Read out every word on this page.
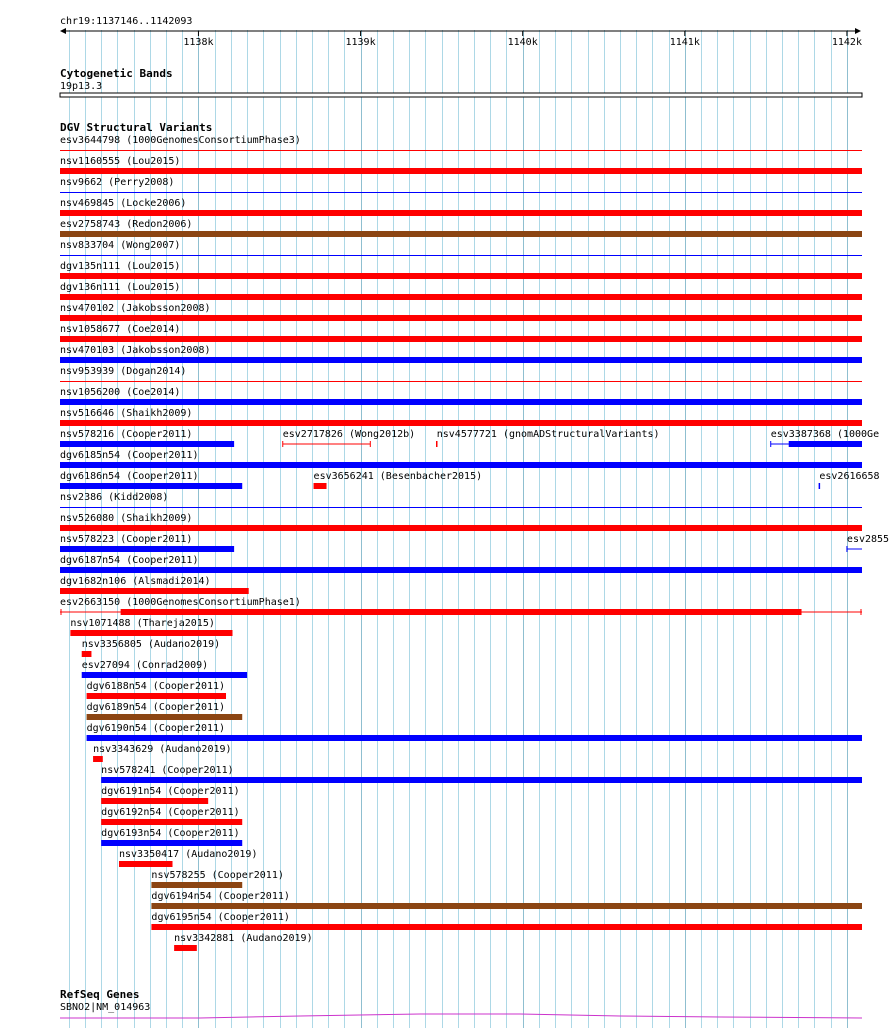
chr19:1137146..1142093
1138k	1139k	1140k	1141k	1142k
Cytogenetic Bands
19p13.3
DGV Structural Variants
esv3644798 (1000GenomesConsortiumPhase3)
nsv1160555 (Lou2015)
nsv9662 (Perry2008)
nsv469845 (Locke2006)
esv2758743 (Redon2006)
nsv833704 (Wong2007)
dgv135n111 (Lou2015)
dgv136n111 (Lou2015)
nsv470102 (Jakobsson2008)
nsv1058677 (Coe2014)
nsv470103 (Jakobsson2008)
nsv953939 (Dogan2014)
nsv1056200 (Coe2014)
nsv516646 (Shaikh2009)
nsv578216 (Cooper2011)	esv2717826 (Wong2012b) nsv4577721 (gnomADStructuralVariants)	esv3387368 (1000Ge
dgv6185n54 (Cooper2011)
dgv6186n54 (Cooper2011)	esv3656241 (Besenbacher2015)	esv2616658
nsv2386 (Kidd2008)
nsv526080 (Shaikh2009)
nsv578223 (Cooper2011)	esv2855
dgv6187n54 (Cooper2011)
dgv1682n106 (Alsmadi2014)
esv2663150 (1000GenomesConsortiumPhase1)
nsv1071488 (Thareja2015)
nsv3356805 (Audano2019)
esv27094 (Conrad2009)
dgv6188n54 (Cooper2011)
dgv6189n54 (Cooper2011)
dgv6190n54 (Cooper2011)
nsv3343629 (Audano2019)
nsv578241 (Cooper2011)
dgv6191n54 (Cooper2011)
dgv6192n54 (Cooper2011)
dgv6193n54 (Cooper2011)
nsv3350417 (Audano2019)
nsv578255 (Cooper2011)
dgv6194n54 (Cooper2011)
dgv6195n54 (Cooper2011)
nsv3342881 (Audano2019)
RefSeq Genes
SBNO2|NM_014963
